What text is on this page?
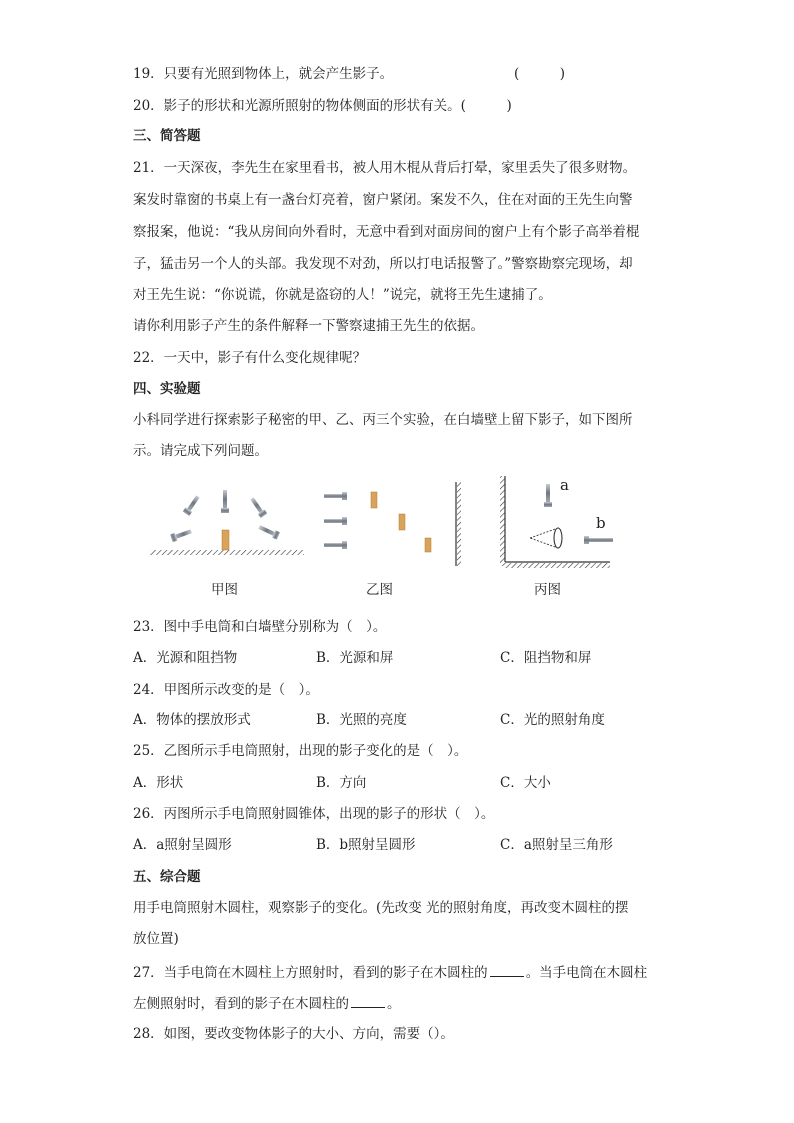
19．只要有光照到物体上，就会产生影子。	(　　　)
20．影子的形状和光源所照射的物体侧面的形状有关。(　　　)
三、简答题
21．一天深夜，李先生在家里看书，被人用木棍从背后打晕，家里丢失了很多财物。
案发时靠窗的书桌上有一盏台灯亮着，窗户紧闭。案发不久，住在对面的王先生向警
察报案，他说：“我从房间向外看时，无意中看到对面房间的窗户上有个影子高举着棍
子，猛击另一个人的头部。我发现不对劲，所以打电话报警了。”警察勘察完现场，却
对王先生说：“你说谎，你就是盗窃的人！”说完，就将王先生逮捕了。
请你利用影子产生的条件解释一下警察逮捕王先生的依据。
22．一天中，影子有什么变化规律呢？
四、实验题
小科同学进行探索影子秘密的甲、乙、丙三个实验，在白墙壁上留下影子，如下图所
示。请完成下列问题。
甲图	乙图
a
b
丙图
23．图中手电筒和白墙壁分别称为（　）。
A．光源和阻挡物	B．光源和屏	C．阻挡物和屏
24．甲图所示改变的是（　）。
A．物体的摆放形式	B．光照的亮度	C．光的照射角度
25．乙图所示手电筒照射，出现的影子变化的是（　）。
A．形状	B．方向	C．大小
26．丙图所示手电筒照射圆锥体，出现的影子的形状（　）。
A．a照射呈圆形	B．b照射呈圆形	C．a照射呈三角形
五、综合题
用手电筒照射木圆柱，观察影子的变化。(先改变 光的照射角度，再改变木圆柱的摆
放位置)
27．当手电筒在木圆柱上方照射时，看到的影子在木圆柱的	。当手电筒在木圆柱
左侧照射时，看到的影子在木圆柱的	。
28．如图，要改变物体影子的大小、方向，需要（）。
